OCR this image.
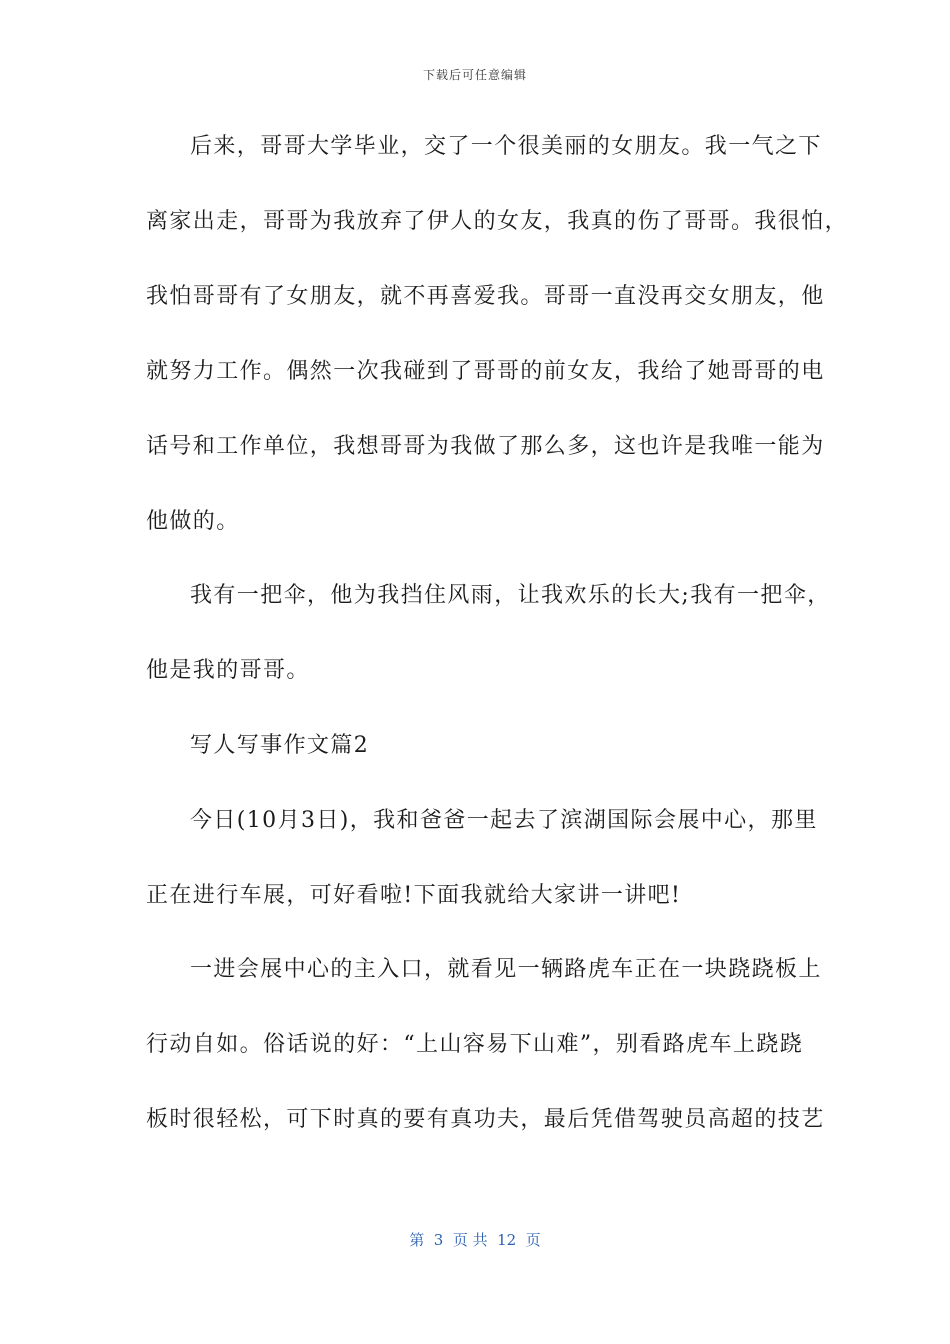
下载后可任意编辑
后来，哥哥大学毕业，交了一个很美丽的女朋友。我一气之下
离家出走，哥哥为我放弃了伊人的女友，我真的伤了哥哥。我很怕，
我怕哥哥有了女朋友，就不再喜爱我。哥哥一直没再交女朋友，他
就努力工作。偶然一次我碰到了哥哥的前女友，我给了她哥哥的电
话号和工作单位，我想哥哥为我做了那么多，这也许是我唯一能为
他做的。
我有一把伞，他为我挡住风雨，让我欢乐的长大;我有一把伞，
他是我的哥哥。
写人写事作文篇2
今日(10月3日)，我和爸爸一起去了滨湖国际会展中心，那里
正在进行车展，可好看啦!下面我就给大家讲一讲吧!
一进会展中心的主入口，就看见一辆路虎车正在一块跷跷板上
行动自如。俗话说的好：“上山容易下山难”，别看路虎车上跷跷
板时很轻松，可下时真的要有真功夫，最后凭借驾驶员高超的技艺
第  3  页 共  12  页
